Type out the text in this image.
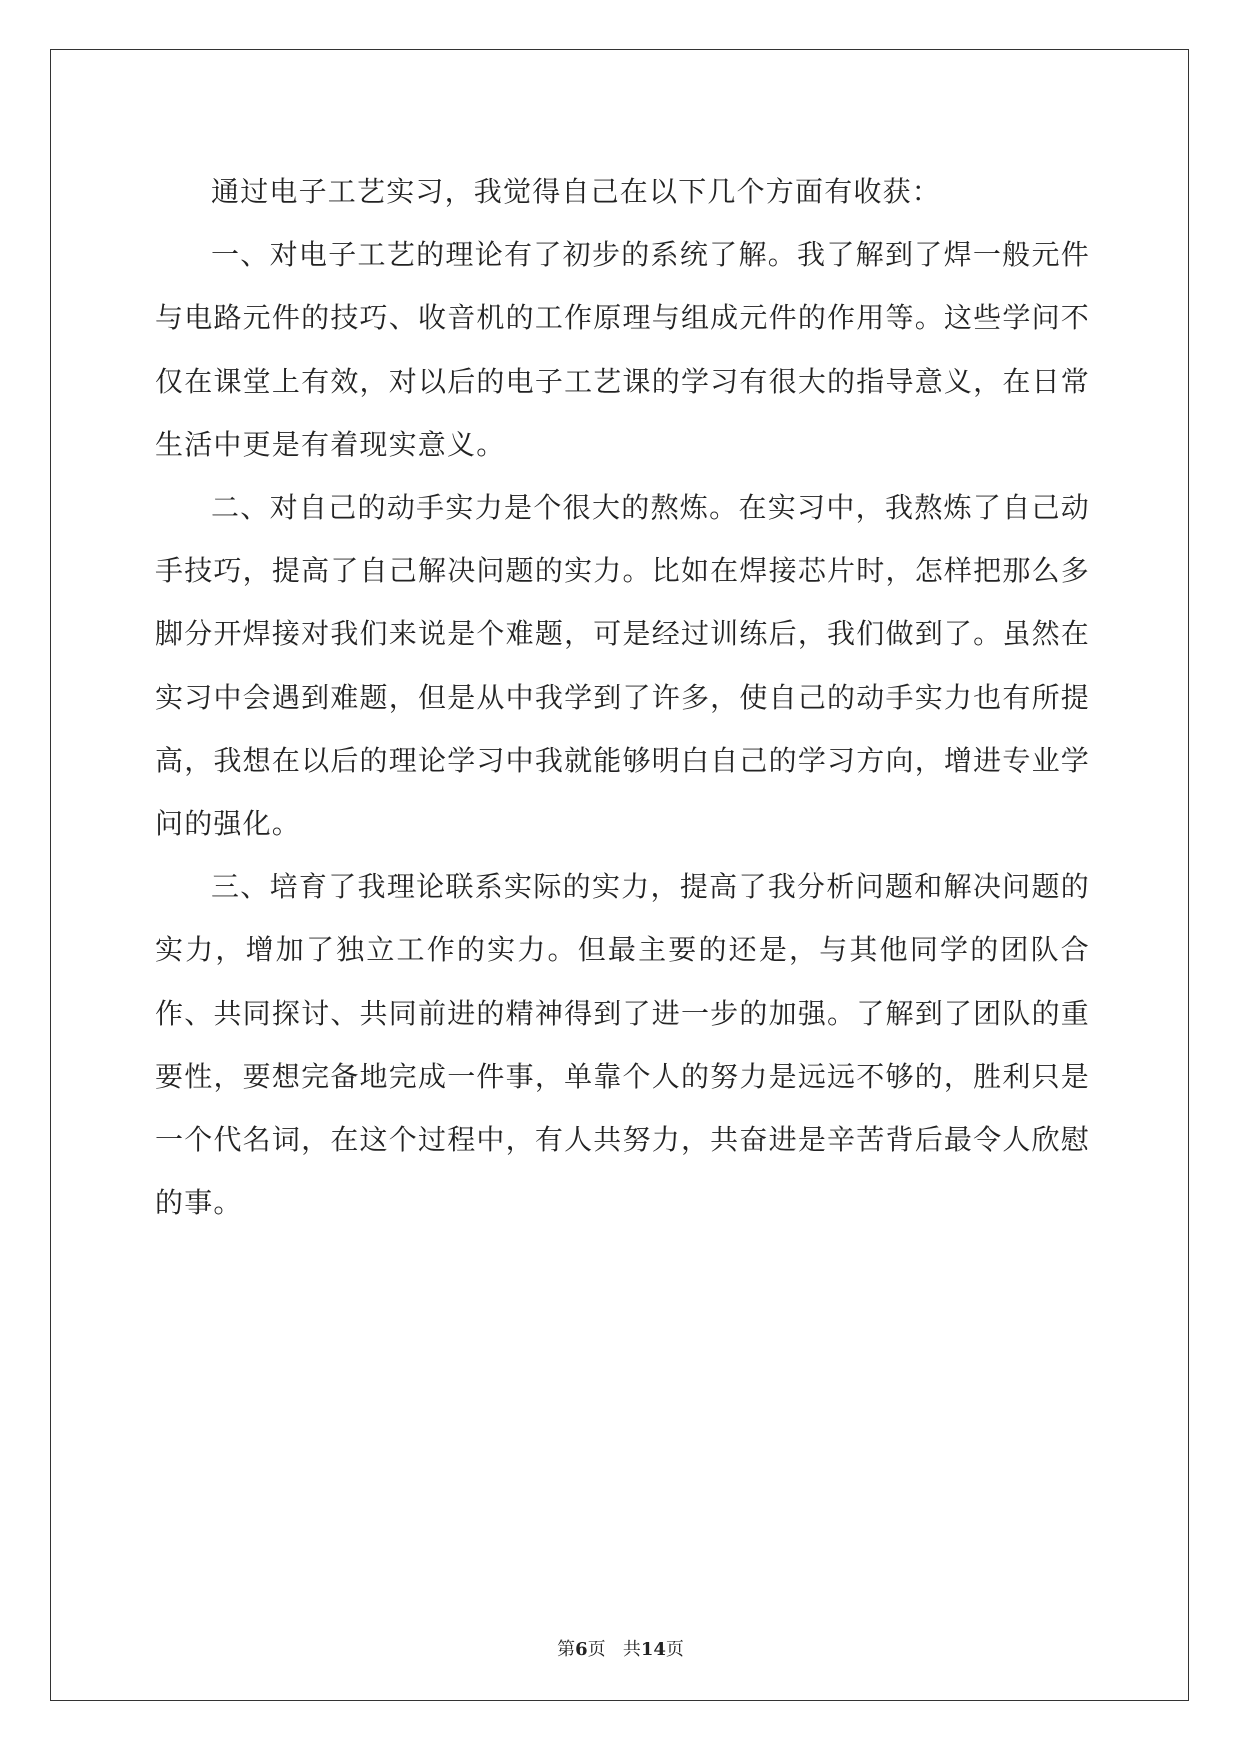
通过电子工艺实习，我觉得自己在以下几个方面有收获：

一、对电子工艺的理论有了初步的系统了解。我了解到了焊一般元件与电路元件的技巧、收音机的工作原理与组成元件的作用等。这些学问不仅在课堂上有效，对以后的电子工艺课的学习有很大的指导意义，在日常生活中更是有着现实意义。

二、对自己的动手实力是个很大的熬炼。在实习中，我熬炼了自己动手技巧，提高了自己解决问题的实力。比如在焊接芯片时，怎样把那么多脚分开焊接对我们来说是个难题，可是经过训练后，我们做到了。虽然在实习中会遇到难题，但是从中我学到了许多，使自己的动手实力也有所提高，我想在以后的理论学习中我就能够明白自己的学习方向，增进专业学问的强化。

三、培育了我理论联系实际的实力，提高了我分析问题和解决问题的实力，增加了独立工作的实力。但最主要的还是，与其他同学的团队合作、共同探讨、共同前进的精神得到了进一步的加强。了解到了团队的重要性，要想完备地完成一件事，单靠个人的努力是远远不够的，胜利只是一个代名词，在这个过程中，有人共努力，共奋进是辛苦背后最令人欣慰的事。

第6页 共14页
